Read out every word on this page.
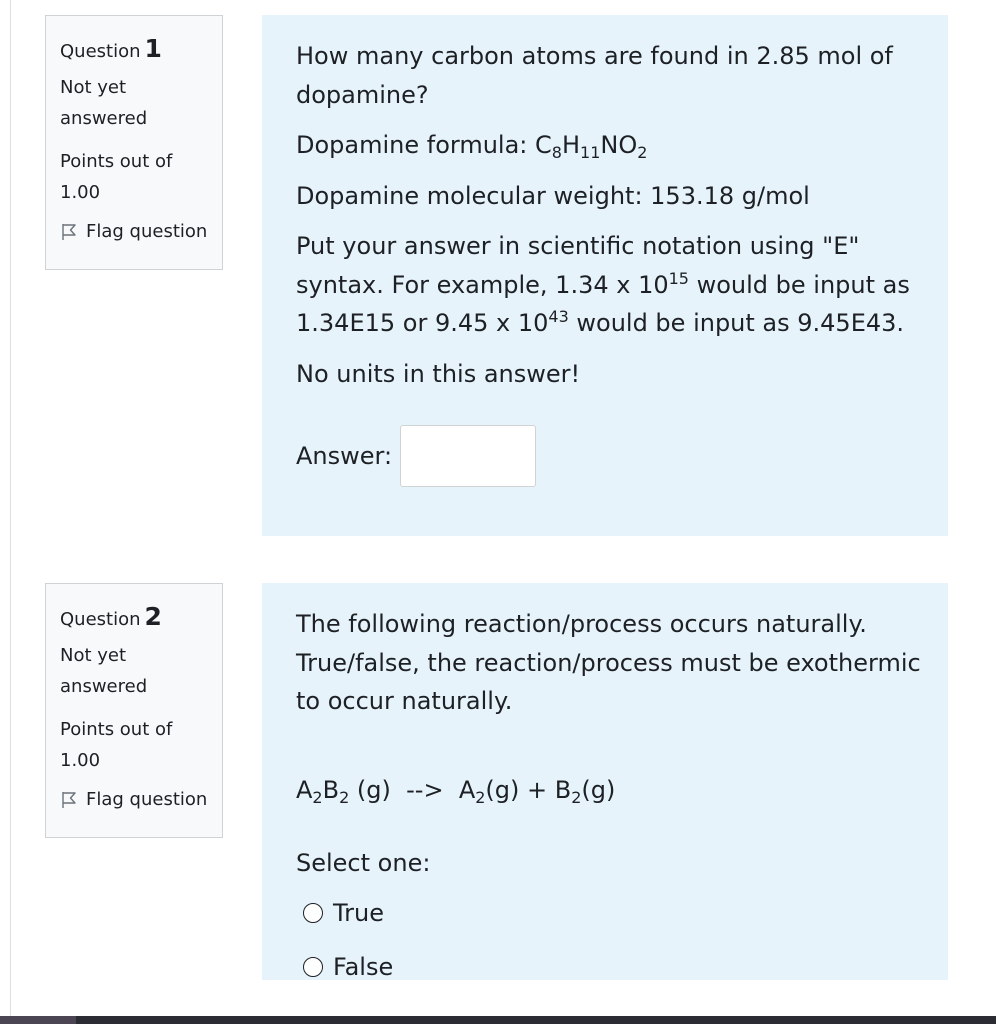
Question 1
Not yet
answered
Points out of
1.00
Flag question

How many carbon atoms are found in 2.85 mol of dopamine?

Dopamine formula: $C_8H_{11}NO_2$

Dopamine molecular weight: 153.18 g/mol

Put your answer in scientific notation using "E" syntax. For example, 1.34 x $10^{15}$ would be input as 1.34E15 or 9.45 x $10^{43}$ would be input as 9.45E43.

No units in this answer!

Answer:
Question 2
Not yet
answered
Points out of
1.00
Flag question

The following reaction/process occurs naturally. True/false, the reaction/process must be exothermic to occur naturally.

$A_2B_2$ (g)  -->  $A_2(g) + B_2(g)$

Select one:

True
False
